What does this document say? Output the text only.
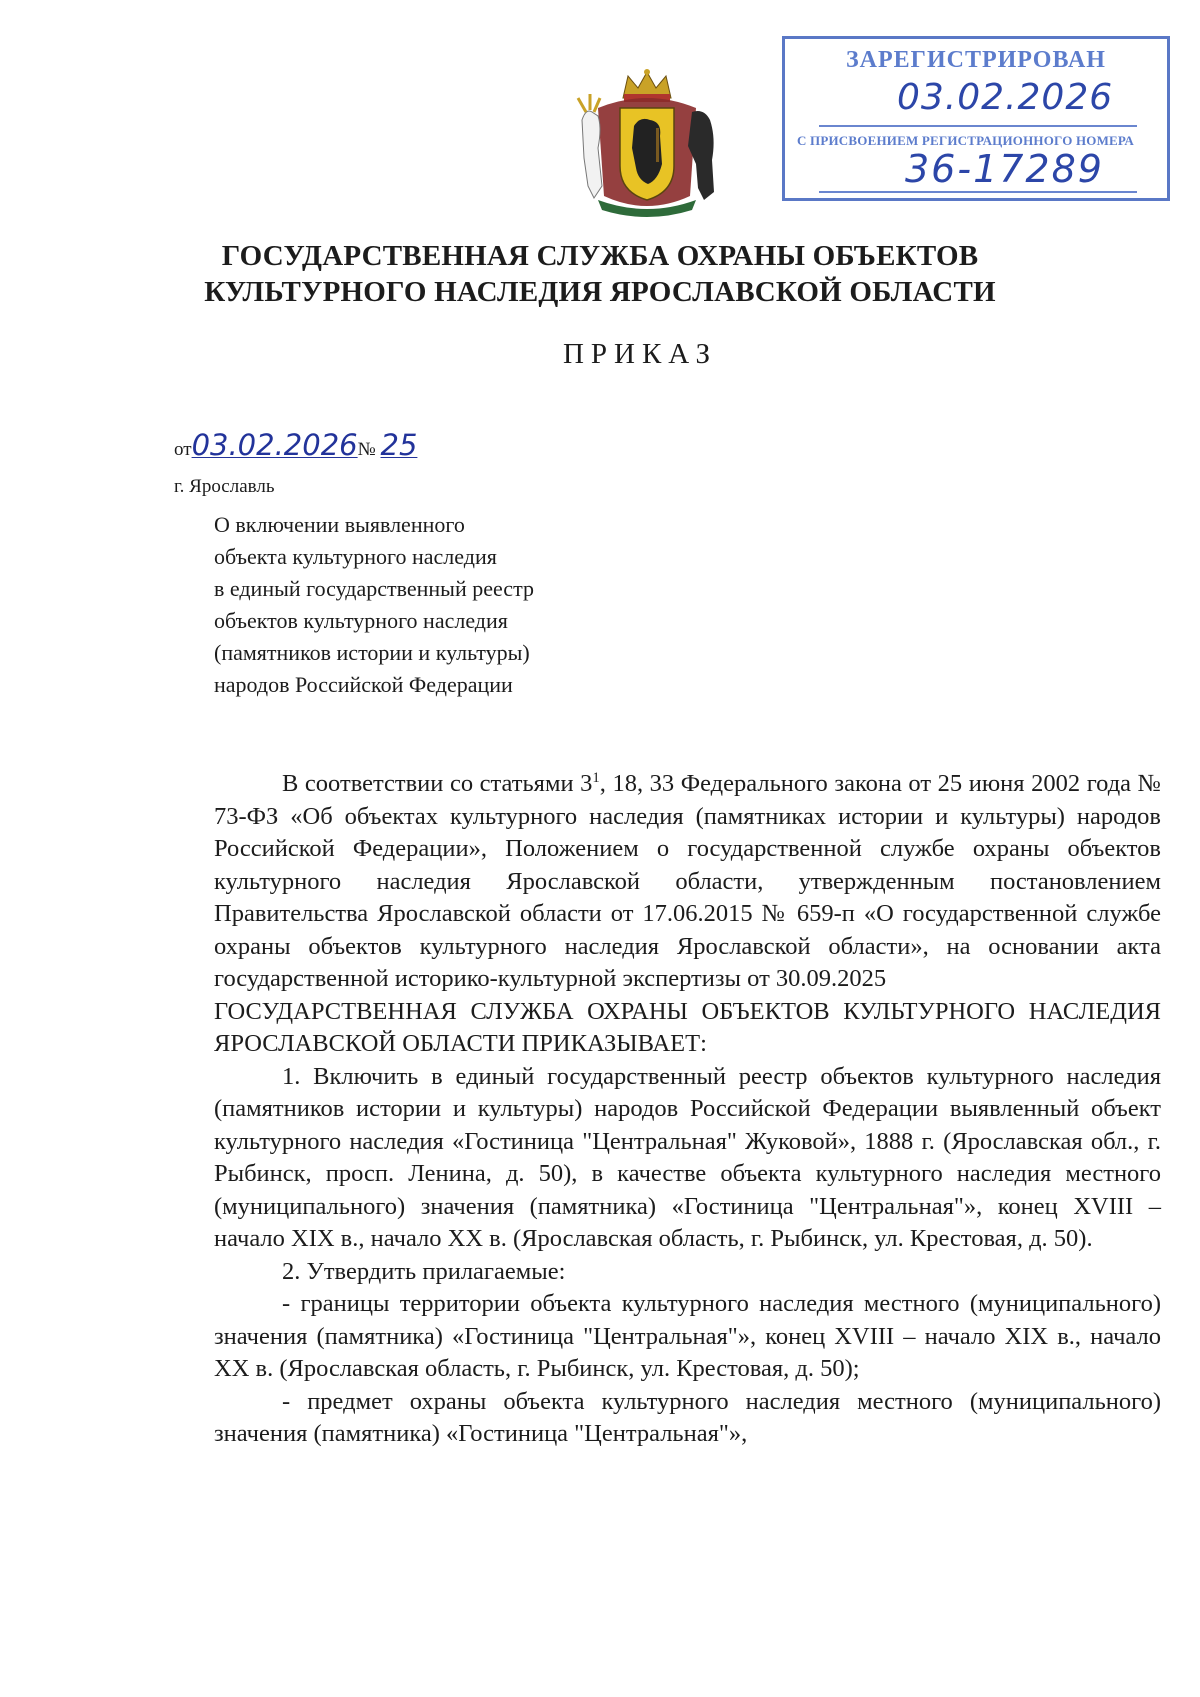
ЗАРЕГИСТРИРОВАН
03.02.2026
С ПРИСВОЕНИЕМ РЕГИСТРАЦИОННОГО НОМЕРА
36-17289
ГОСУДАРСТВЕННАЯ СЛУЖБА ОХРАНЫ ОБЪЕКТОВ
КУЛЬТУРНОГО НАСЛЕДИЯ ЯРОСЛАВСКОЙ ОБЛАСТИ
ПРИКАЗ
от03.02.2026№ 25
г. Ярославль
О включении выявленного
объекта культурного наследия
в единый государственный реестр
объектов культурного наследия
(памятников истории и культуры)
народов Российской Федерации

В соответствии со статьями $3^1$, 18, 33 Федерального закона от 25 июня 2002 года № 73-ФЗ «Об объектах культурного наследия (памятниках истории и культуры) народов Российской Федерации», Положением о государственной службе охраны объектов культурного наследия Ярославской области, утвержденным постановлением Правительства Ярославской области от 17.06.2015 № 659-п «О государственной службе охраны объектов культурного наследия Ярославской области», на основании акта государственной историко-культурной экспертизы от 30.09.2025

ГОСУДАРСТВЕННАЯ СЛУЖБА ОХРАНЫ ОБЪЕКТОВ КУЛЬТУРНОГО НАСЛЕДИЯ ЯРОСЛАВСКОЙ ОБЛАСТИ ПРИКАЗЫВАЕТ:

1. Включить в единый государственный реестр объектов культурного наследия (памятников истории и культуры) народов Российской Федерации выявленный объект культурного наследия «Гостиница "Центральная" Жуковой», 1888 г. (Ярославская обл., г. Рыбинск, просп. Ленина, д. 50), в качестве объекта культурного наследия местного (муниципального) значения (памятника) «Гостиница "Центральная"», конец XVIII – начало XIX в., начало XX в. (Ярославская область, г. Рыбинск, ул. Крестовая, д. 50).

2. Утвердить прилагаемые:

- границы территории объекта культурного наследия местного (муниципального) значения (памятника) «Гостиница "Центральная"», конец XVIII – начало XIX в., начало XX в. (Ярославская область, г. Рыбинск, ул. Крестовая, д. 50);

- предмет охраны объекта культурного наследия местного (муниципального) значения (памятника) «Гостиница "Центральная"»,
